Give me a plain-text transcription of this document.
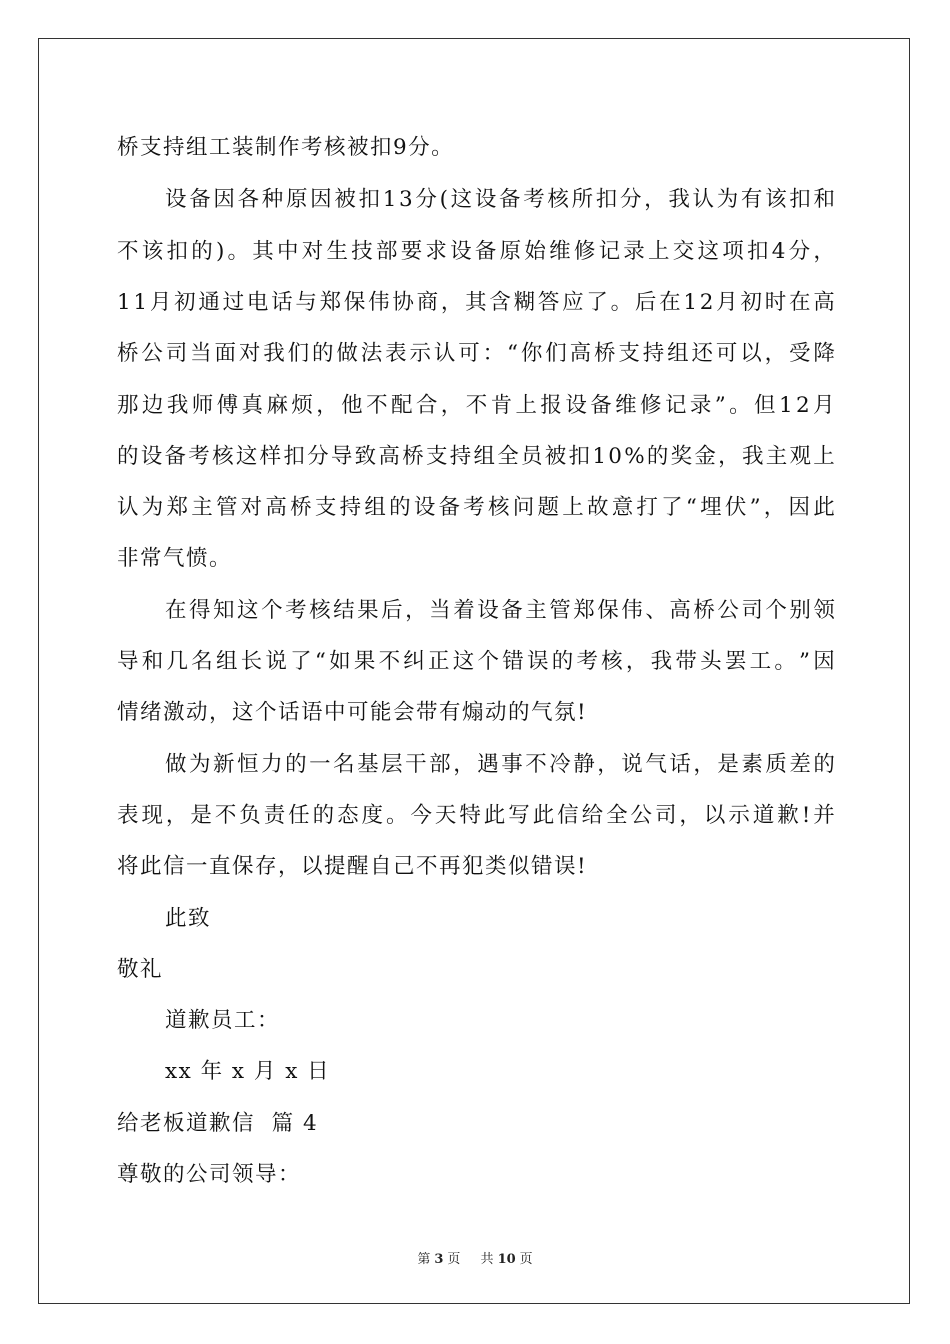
桥支持组工装制作考核被扣9分。
设 备 因 各 种 原 因 被 扣 1 3 分 ( 这 设 备 考 核 所 扣 分 ， 我 认 为 有 该 扣 和
不 该 扣 的 ) 。 其 中 对 生 技 部 要 求 设 备 原 始 维 修 记 录 上 交 这 项 扣 4 分 ，
1 1 月 初 通 过 电 话 与 郑 保 伟 协 商 ， 其 含 糊 答 应 了 。 后 在 1 2 月 初 时 在 高
桥 公 司 当 面 对 我 们 的 做 法 表 示 认 可 ： “ 你 们 高 桥 支 持 组 还 可 以 ， 受 降
那 边 我 师 傅 真 麻 烦 ， 他 不 配 合 ， 不 肯 上 报 设 备 维 修 记 录 ” 。 但 1 2 月
的 设 备 考 核 这 样 扣 分 导 致 高 桥 支 持 组 全 员 被 扣 1 0 % 的 奖 金 ， 我 主 观 上
认 为 郑 主 管 对 高 桥 支 持 组 的 设 备 考 核 问 题 上 故 意 打 了 “ 埋 伏 ” ， 因 此
非常气愤。
在 得 知 这 个 考 核 结 果 后 ， 当 着 设 备 主 管 郑 保 伟 、 高 桥 公 司 个 别 领
导 和 几 名 组 长 说 了 “ 如 果 不 纠 正 这 个 错 误 的 考 核 ， 我 带 头 罢 工 。 ” 因
情绪激动，这个话语中可能会带有煽动的气氛!
做 为 新 恒 力 的 一 名 基 层 干 部 ， 遇 事 不 冷 静 ， 说 气 话 ， 是 素 质 差 的
表 现 ， 是 不 负 责 任 的 态 度 。 今 天 特 此 写 此 信 给 全 公 司 ， 以 示 道 歉 ! 并
将此信一直保存，以提醒自己不再犯类似错误!
此致
敬礼
道歉员工：
xx 年 x 月 x 日
给老板道歉信  篇 4
尊敬的公司领导：
第 3 页 共 10 页
